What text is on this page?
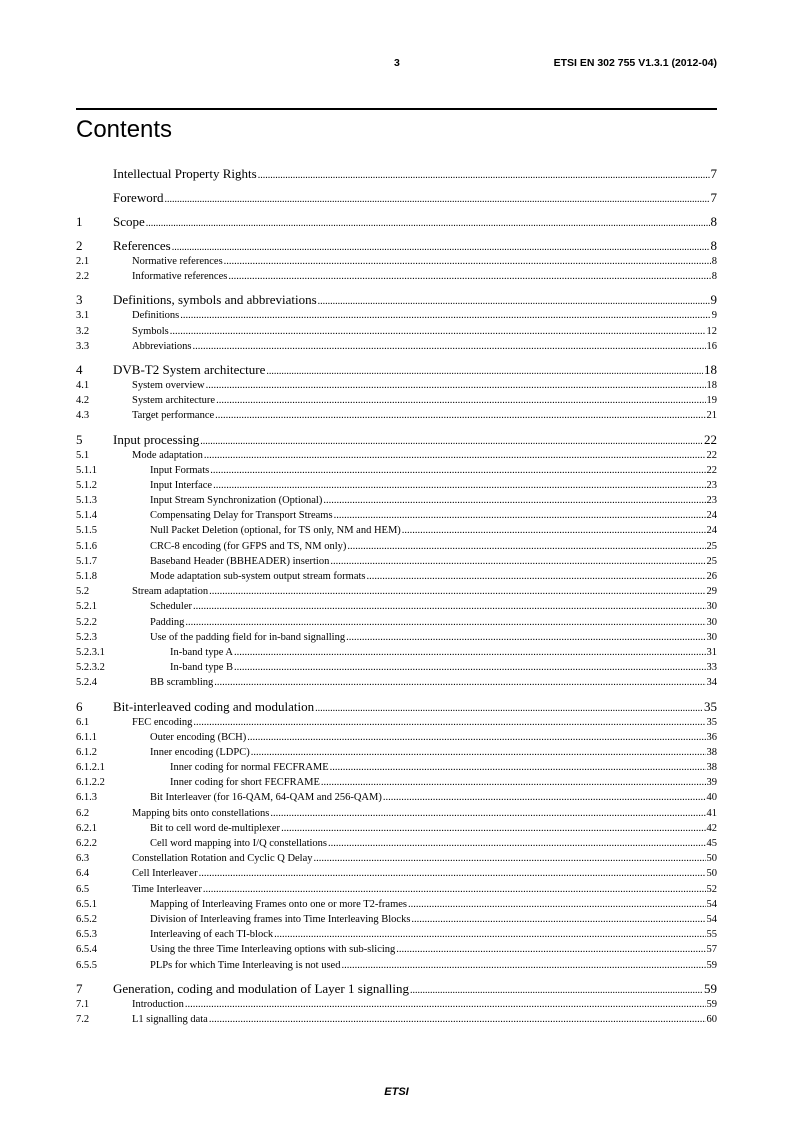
3	ETSI EN 302 755 V1.3.1 (2012-04)
Contents
Intellectual Property Rights .....	7
Foreword .....	7
1	Scope .....	8
2	References .....	8
2.1	Normative references .....	8
2.2	Informative references .....	8
3	Definitions, symbols and abbreviations .....	9
3.1	Definitions .....	9
3.2	Symbols .....	12
3.3	Abbreviations .....	16
4	DVB-T2 System architecture .....	18
4.1	System overview .....	18
4.2	System architecture .....	19
4.3	Target performance .....	21
5	Input processing .....	22
5.1	Mode adaptation .....	22
5.1.1	Input Formats .....	22
5.1.2	Input Interface .....	23
5.1.3	Input Stream Synchronization (Optional) .....	23
5.1.4	Compensating Delay for Transport Streams .....	24
5.1.5	Null Packet Deletion (optional, for TS only, NM and HEM) .....	24
5.1.6	CRC-8 encoding (for GFPS and TS, NM only) .....	25
5.1.7	Baseband Header (BBHEADER) insertion .....	25
5.1.8	Mode adaptation sub-system output stream formats .....	26
5.2	Stream adaptation .....	29
5.2.1	Scheduler .....	30
5.2.2	Padding .....	30
5.2.3	Use of the padding field for in-band signalling .....	30
5.2.3.1	In-band type A .....	31
5.2.3.2	In-band type B .....	33
5.2.4	BB scrambling .....	34
6	Bit-interleaved coding and modulation .....	35
6.1	FEC encoding .....	35
6.1.1	Outer encoding (BCH) .....	36
6.1.2	Inner encoding (LDPC) .....	38
6.1.2.1	Inner coding for normal FECFRAME .....	38
6.1.2.2	Inner coding for short FECFRAME .....	39
6.1.3	Bit Interleaver (for 16-QAM, 64-QAM and 256-QAM) .....	40
6.2	Mapping bits onto constellations .....	41
6.2.1	Bit to cell word de-multiplexer .....	42
6.2.2	Cell word mapping into I/Q constellations .....	45
6.3	Constellation Rotation and Cyclic Q Delay .....	50
6.4	Cell Interleaver .....	50
6.5	Time Interleaver .....	52
6.5.1	Mapping of Interleaving Frames onto one or more T2-frames .....	54
6.5.2	Division of Interleaving frames into Time Interleaving Blocks .....	54
6.5.3	Interleaving of each TI-block .....	55
6.5.4	Using the three Time Interleaving options with sub-slicing .....	57
6.5.5	PLPs for which Time Interleaving is not used .....	59
7	Generation, coding and modulation of Layer 1 signalling .....	59
7.1	Introduction .....	59
7.2	L1 signalling data .....	60
ETSI
